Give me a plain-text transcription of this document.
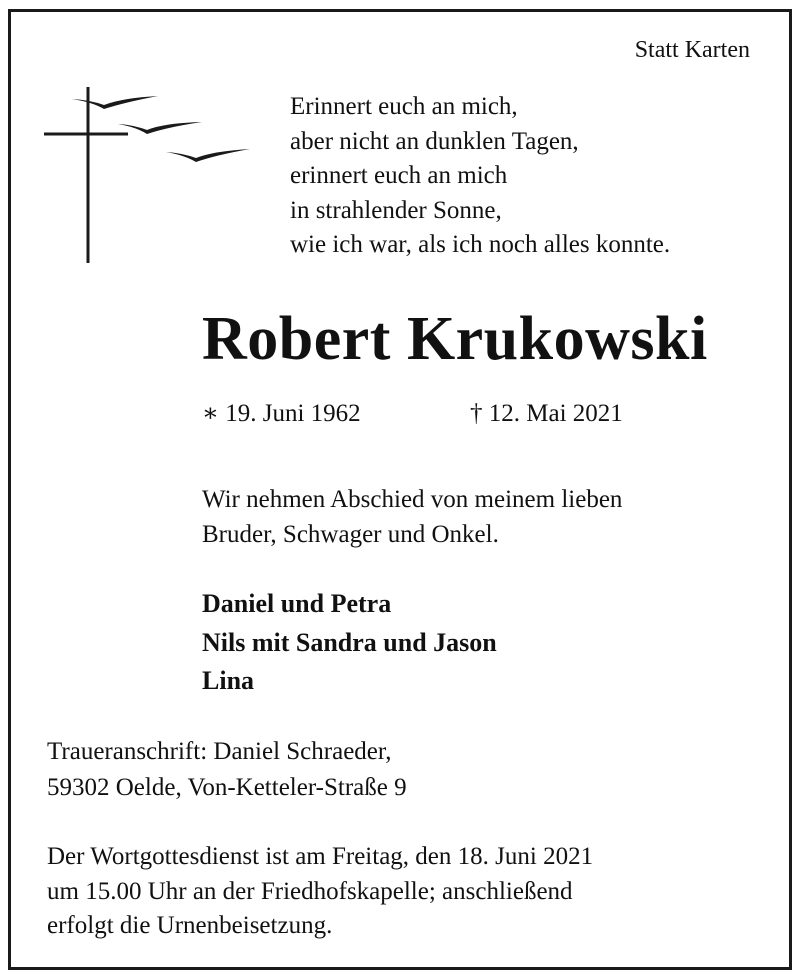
Statt Karten
Erinnert euch an mich,
aber nicht an dunklen Tagen,
erinnert euch an mich
in strahlender Sonne,
wie ich war, als ich noch alles konnte.
Robert Krukowski
∗ 19. Juni 1962	† 12. Mai 2021
Wir nehmen Abschied von meinem lieben
Bruder, Schwager und Onkel.
Daniel und Petra
Nils mit Sandra und Jason
Lina
Traueranschrift: Daniel Schraeder,
59302 Oelde, Von-Ketteler-Straße 9
Der Wortgottesdienst ist am Freitag, den 18. Juni 2021
um 15.00 Uhr an der Friedhofskapelle; anschließend
erfolgt die Urnenbeisetzung.
